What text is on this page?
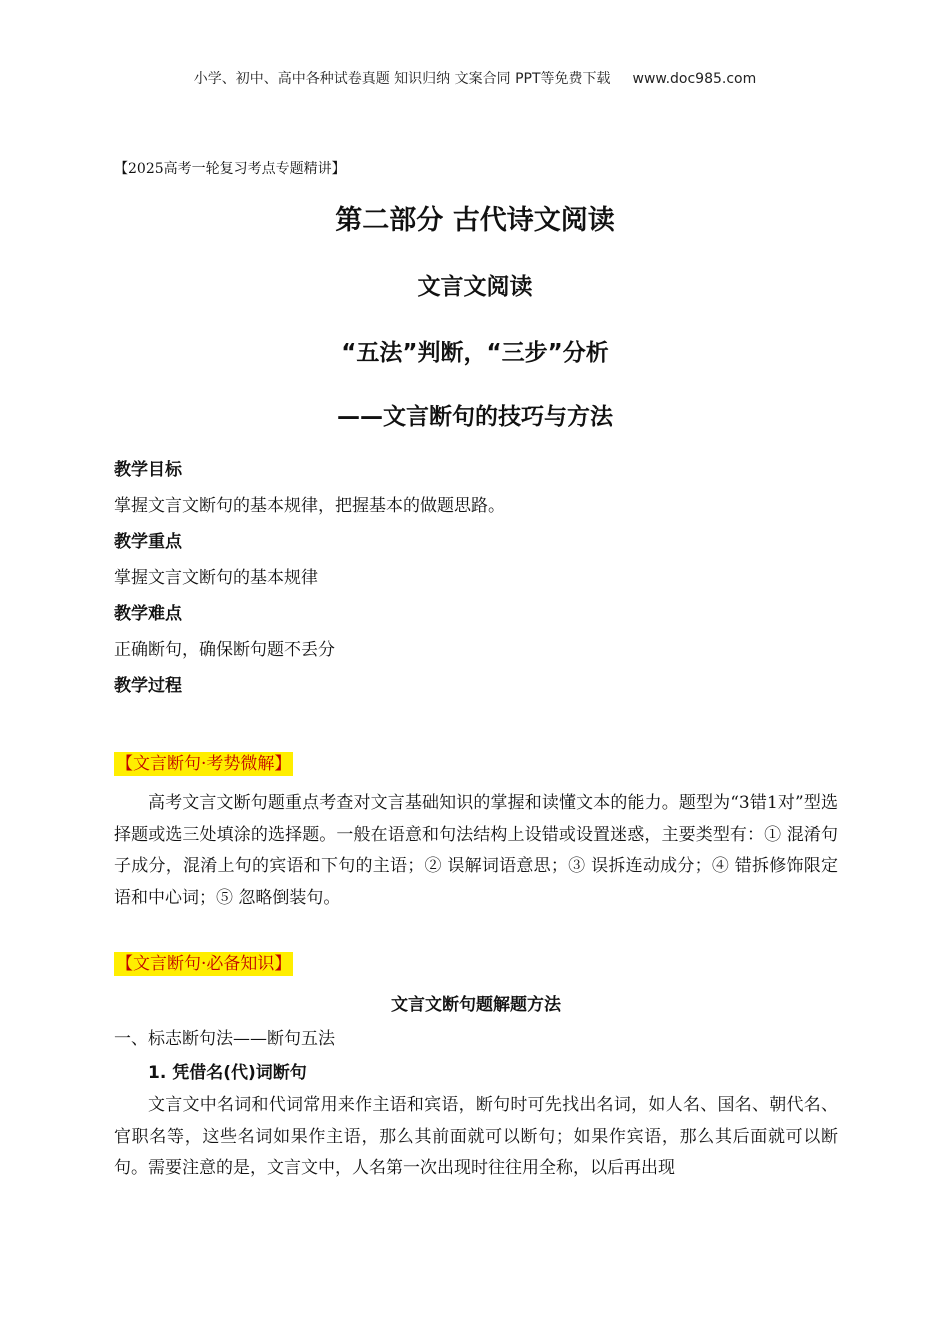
小学、初中、高中各种试卷真题 知识归纳 文案合同 PPT等免费下载 www.doc985.com
【2025高考一轮复习考点专题精讲】
第二部分 古代诗文阅读
文言文阅读
“五法”判断，“三步”分析
——文言断句的技巧与方法
教学目标
掌握文言文断句的基本规律，把握基本的做题思路。
教学重点
掌握文言文断句的基本规律
教学难点
正确断句，确保断句题不丢分
教学过程
【文言断句·考势微解】

高考文言文断句题重点考查对文言基础知识的掌握和读懂文本的能力。题型为“3错1对”型选择题或选三处填涂的选择题。一般在语意和句法结构上设错或设置迷惑，主要类型有：① 混淆句子成分，混淆上句的宾语和下句的主语；② 误解词语意思；③ 误拆连动成分；④ 错拆修饰限定语和中心词；⑤ 忽略倒装句。

【文言断句·必备知识】
文言文断句题解题方法
一、标志断句法——断句五法
1. 凭借名(代)词断句

文言文中名词和代词常用来作主语和宾语，断句时可先找出名词，如人名、国名、朝代名、官职名等，这些名词如果作主语，那么其前面就可以断句；如果作宾语，那么其后面就可以断句。需要注意的是，文言文中，人名第一次出现时往往用全称，以后再出现
